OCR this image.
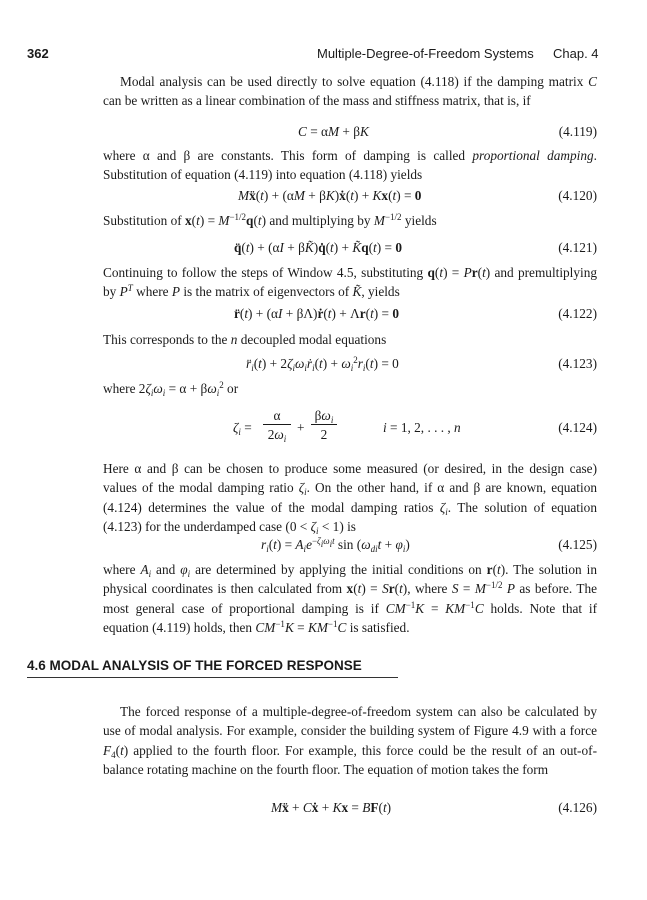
362	Multiple-Degree-of-Freedom Systems Chap. 4
Modal analysis can be used directly to solve equation (4.118) if the damping matrix C can be written as a linear combination of the mass and stiffness matrix, that is, if
C = αM + βK	(4.119)
where α and β are constants. This form of damping is called proportional damping. Substitution of equation (4.119) into equation (4.118) yields
Mẍ(t) + (αM + βK)ẋ(t) + Kx(t) = 0	(4.120)
Substitution of $x(t) = M^{-1/2}q(t)$ and multiplying by $M^{-1/2}$ yields
q̈(t) + (αI + βK̃)q̇(t) + K̃q(t) = 0	(4.121)
Continuing to follow the steps of Window 4.5, substituting q(t) = Pr(t) and premultiplying by $P^T$ where P is the matrix of eigenvectors of K̃, yields
r̈(t) + (αI + βΛ)ṙ(t) + Λr(t) = 0	(4.122)
This corresponds to the n decoupled modal equations
$r̈_i(t)$ + $2\zeta_i\omega_iṙ_i(t) + \omega_i^2r_i(t) = 0$	(4.123)
where $2\zeta_i\omega_i = \alpha + \beta\omega_i^2$ or
$\zeta_i$ =
α
$2\omega_i$
+
$\beta\omega_i$
2	i = 1, 2, . . . , n	(4.124)
Here α and β can be chosen to produce some measured (or desired, in the design case) values of the modal damping ratio $\zeta_i$. On the other hand, if α and β are known, equation (4.124) determines the value of the modal damping ratios $\zeta_i$. The solution of equation (4.123) for the underdamped case $(0 < \zeta_i < 1)$ is
$r_i(t) = A_ie^{-\zeta_i\omega_it}$ $\sin (\omega_{di}t + \varphi_i)$	(4.125)
where $A_i$ and $\varphi_i$ are determined by applying the initial conditions on r(t). The solution in physical coordinates is then calculated from x(t) = Sr(t), where $S = M^{-1/2}$ P as before. The most general case of proportional damping is if $CM^{-1}K = KM^{-1}C$ holds. Note that if equation (4.119) holds, then $CM^{-1}K = KM^{-1}C$ is satisfied.
4.6 MODAL ANALYSIS OF THE FORCED RESPONSE
The forced response of a multiple-degree-of-freedom system can also be calculated by use of modal analysis. For example, consider the building system of Figure 4.9 with a force $F_4(t)$ applied to the fourth floor. For example, this force could be the result of an out-of-balance rotating machine on the fourth floor. The equation of motion takes the form
Mẍ + Cẋ + Kx = BF(t)	(4.126)
